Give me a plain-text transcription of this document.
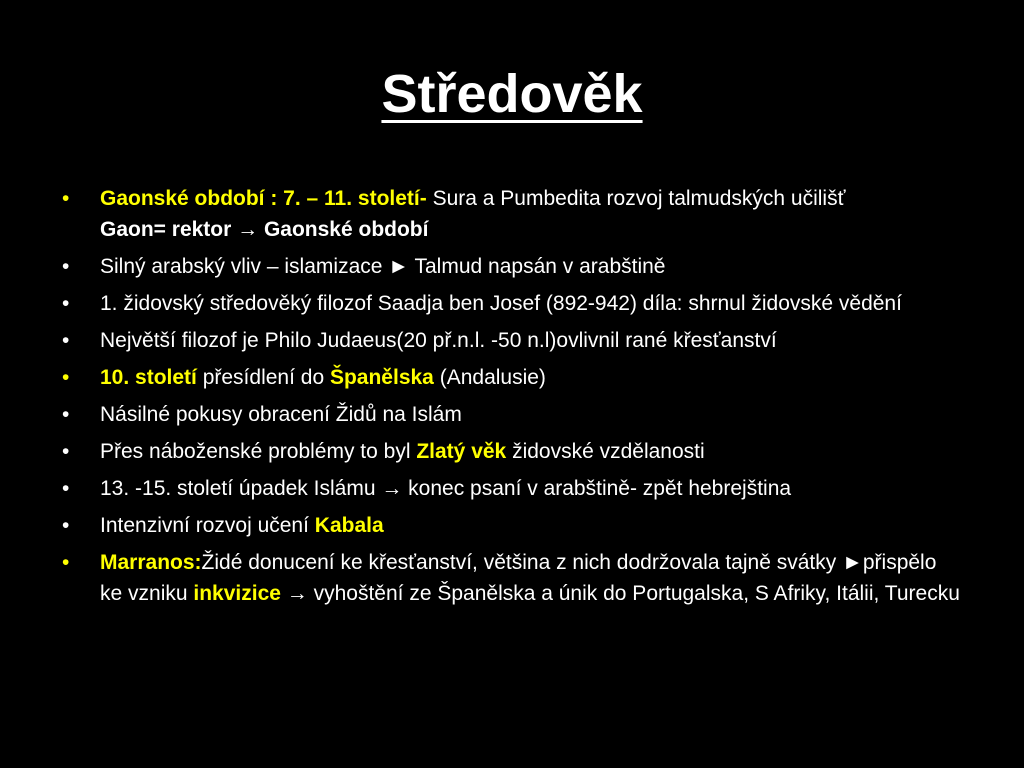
Středověk
•	Gaonské období : 7. – 11. století- Sura a Pumbedita rozvoj talmudských učilišťGaon= rektor → Gaonské období
•	Silný arabský vliv – islamizace ► Talmud napsán v arabštině
•	1. židovský středověký filozof Saadja ben Josef (892-942) díla: shrnul židovské vědění
•	Největší filozof je Philo Judaeus(20 př.n.l. -50 n.l)ovlivnil rané křesťanství
•	10. století přesídlení do Španělska (Andalusie)
•	Násilné pokusy obracení Židů na Islám
•	Přes náboženské problémy to byl Zlatý věk židovské vzdělanosti
•	13. -15. století úpadek Islámu → konec psaní v arabštině- zpět hebrejština
•	Intenzivní rozvoj učení Kabala
•	Marranos:Židé donucení ke křesťanství, většina z nich dodržovala tajně svátky ►přispělo ke vzniku inkvizice → vyhoštění ze Španělska a únik do Portugalska, S Afriky, Itálii, Turecku
